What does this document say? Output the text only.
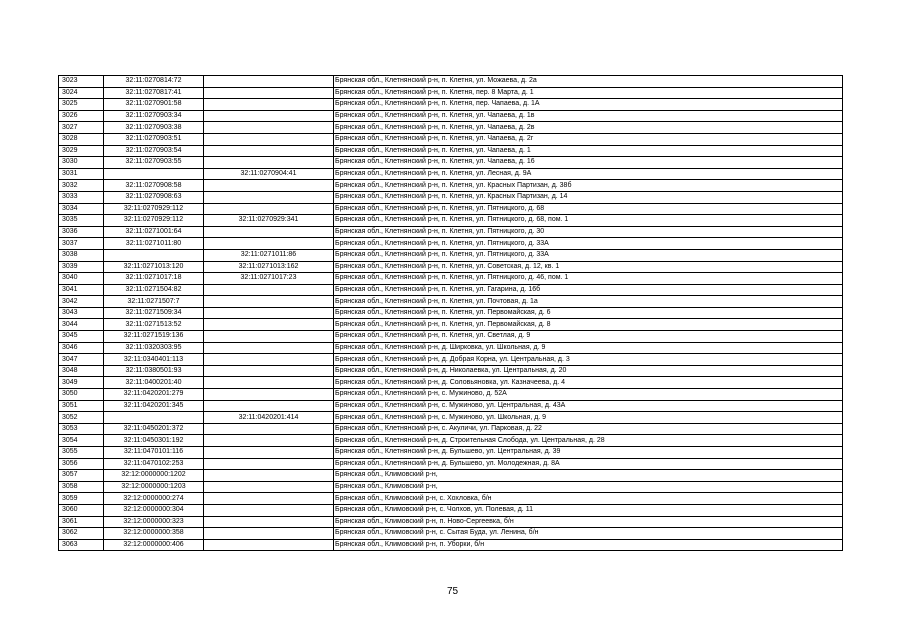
3023	32:11:0270814:72		Брянская обл., Клетнянский р-н, п. Клетня, ул. Можаева, д. 2а
3024	32:11:0270817:41		Брянская обл., Клетнянский р-н, п. Клетня, пер. 8 Марта, д. 1
3025	32:11:0270901:58		Брянская обл., Клетнянский р-н, п. Клетня, пер. Чапаева, д. 1А
3026	32:11:0270903:34		Брянская обл., Клетнянский р-н, п. Клетня, ул. Чапаева, д. 1в
3027	32:11:0270903:38		Брянская обл., Клетнянский р-н, п. Клетня, ул. Чапаева, д. 2в
3028	32:11:0270903:51		Брянская обл., Клетнянский р-н, п. Клетня, ул. Чапаева, д. 2г
3029	32:11:0270903:54		Брянская обл., Клетнянский р-н, п. Клетня, ул. Чапаева, д. 1
3030	32:11:0270903:55		Брянская обл., Клетнянский р-н, п. Клетня, ул. Чапаева, д. 16
3031		32:11:0270904:41	Брянская обл., Клетнянский р-н, п. Клетня, ул. Лесная, д. 9А
3032	32:11:0270908:58		Брянская обл., Клетнянский р-н, п. Клетня, ул. Красных Партизан, д. 38б
3033	32:11:0270908:63		Брянская обл., Клетнянский р-н, п. Клетня, ул. Красных Партизан, д. 14
3034	32:11:0270929:112		Брянская обл., Клетнянский р-н, п. Клетня, ул. Пятницкого, д. 68
3035	32:11:0270929:112	32:11:0270929:341	Брянская обл., Клетнянский р-н, п. Клетня, ул. Пятницкого, д. 68, пом. 1
3036	32:11:0271001:64		Брянская обл., Клетнянский р-н, п. Клетня, ул. Пятницкого, д. 30
3037	32:11:0271011:80		Брянская обл., Клетнянский р-н, п. Клетня, ул. Пятницкого, д. 33А
3038		32:11:0271011:86	Брянская обл., Клетнянский р-н, п. Клетня, ул. Пятницкого, д. 33А
3039	32:11:0271013:120	32:11:0271013:162	Брянская обл., Клетнянский р-н, п. Клетня, ул. Советская, д. 12, кв. 1
3040	32:11:0271017:18	32:11:0271017:23	Брянская обл., Клетнянский р-н, п. Клетня, ул. Пятницкого, д. 46, пом. 1
3041	32:11:0271504:82		Брянская обл., Клетнянский р-н, п. Клетня, ул. Гагарина, д. 16б
3042	32:11:0271507:7		Брянская обл., Клетнянский р-н, п. Клетня, ул. Почтовая, д. 1а
3043	32:11:0271509:34		Брянская обл., Клетнянский р-н, п. Клетня, ул. Первомайская, д. 6
3044	32:11:0271513:52		Брянская обл., Клетнянский р-н, п. Клетня, ул. Первомайская, д. 8
3045	32:11:0271519:136		Брянская обл., Клетнянский р-н, п. Клетня, ул. Светлая, д. 9
3046	32:11:0320303:95		Брянская обл., Клетнянский р-н, д. Ширковка, ул. Школьная, д. 9
3047	32:11:0340401:113		Брянская обл., Клетнянский р-н, д. Добрая Корна, ул. Центральная, д. 3
3048	32:11:0380501:93		Брянская обл., Клетнянский р-н, д. Николаевка, ул. Центральная, д. 20
3049	32:11:0400201:40		Брянская обл., Клетнянский р-н, д. Соловьяновка, ул. Казначеева, д. 4
3050	32:11:0420201:279		Брянская обл., Клетнянский р-н, с. Мужиново, д. 52А
3051	32:11:0420201:345		Брянская обл., Клетнянский р-н, с. Мужиново, ул. Центральная, д. 43А
3052		32:11:0420201:414	Брянская обл., Клетнянский р-н, с. Мужиново, ул. Школьная, д. 9
3053	32:11:0450201:372		Брянская обл., Клетнянский р-н, с. Акуличи, ул. Парковая, д. 22
3054	32:11:0450301:192		Брянская обл., Клетнянский р-н, д. Строительная Слобода, ул. Центральная, д. 28
3055	32:11:0470101:116		Брянская обл., Клетнянский р-н, д. Бульшево, ул. Центральная, д. 39
3056	32:11:0470102:253		Брянская обл., Клетнянский р-н, д. Бульшево, ул. Молодежная, д. 8А
3057	32:12:0000000:1202		Брянская обл., Климовский р-н,
3058	32:12:0000000:1203		Брянская обл., Климовский р-н,
3059	32:12:0000000:274		Брянская обл., Климовский р-н, с. Хохловка, б/н
3060	32:12:0000000:304		Брянская обл., Климовский р-н, с. Чолхов, ул. Полевая, д. 11
3061	32:12:0000000:323		Брянская обл., Климовский р-н, п. Ново-Сергеевка, б/н
3062	32:12:0000000:358		Брянская обл., Климовский р-н, с. Сытая Буда, ул. Ленина, б/н
3063	32:12:0000000:406		Брянская обл., Климовский р-н, п. Уборки, б/н
75
